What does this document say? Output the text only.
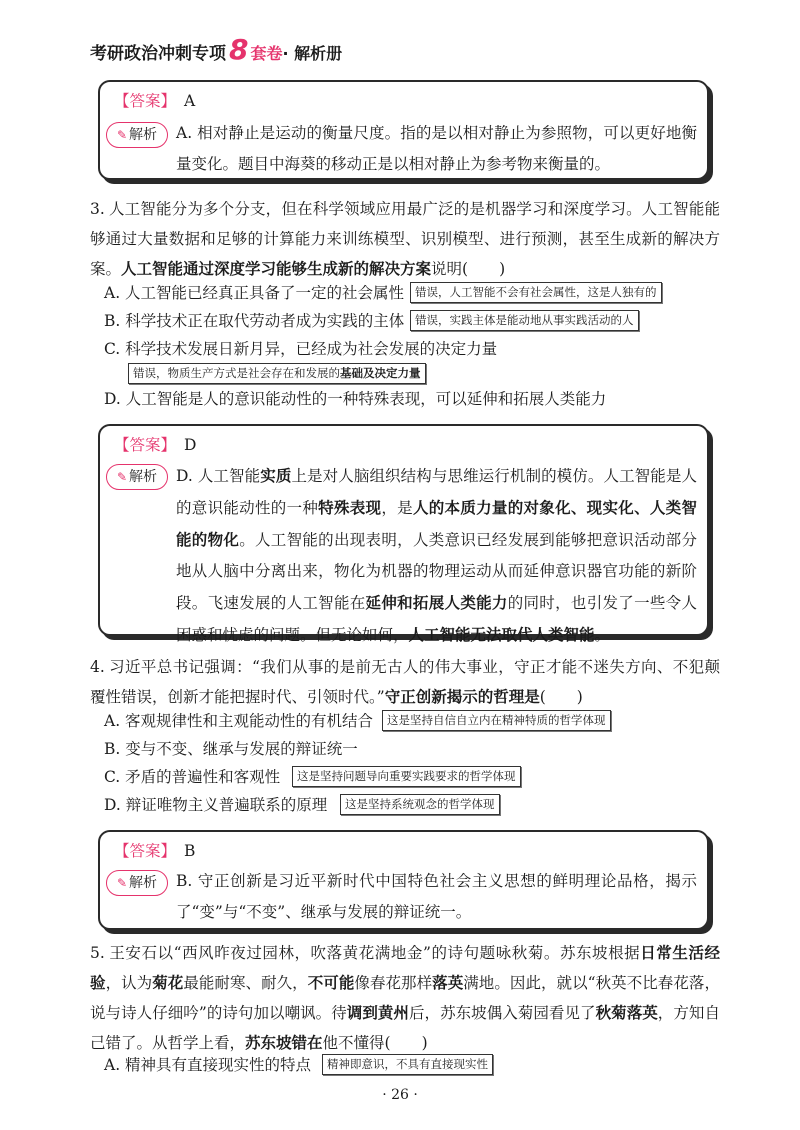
考研政治冲刺专项 8 套卷 · 解析册
【答案】 A
✎ 解析 A. 相对静止是运动的衡量尺度。指的是以相对静止为参照物，可以更好地衡量变化。题目中海葵的移动正是以相对静止为参考物来衡量的。

3. 人工智能分为多个分支，但在科学领域应用最广泛的是机器学习和深度学习。人工智能能够通过大量数据和足够的计算能力来训练模型、识别模型、进行预测，甚至生成新的解决方案。人工智能通过深度学习能够生成新的解决方案说明(　　)

A. 人工智能已经真正具备了一定的社会属性 错误，人工智能不会有社会属性，这是人独有的
B. 科学技术正在取代劳动者成为实践的主体 错误，实践主体是能动地从事实践活动的人
C. 科学技术发展日新月异，已经成为社会发展的决定力量
错误，物质生产方式是社会存在和发展的基础及决定力量
D. 人工智能是人的意识能动性的一种特殊表现，可以延伸和拓展人类能力
【答案】 D
✎ 解析 D. 人工智能实质上是对人脑组织结构与思维运行机制的模仿。人工智能是人的意识能动性的一种特殊表现，是人的本质力量的对象化、现实化、人类智能的物化。人工智能的出现表明，人类意识已经发展到能够把意识活动部分地从人脑中分离出来，物化为机器的物理运动从而延伸意识器官功能的新阶段。飞速发展的人工智能在延伸和拓展人类能力的同时，也引发了一些令人困惑和忧虑的问题。但无论如何，人工智能无法取代人类智能。

4. 习近平总书记强调：“我们从事的是前无古人的伟大事业，守正才能不迷失方向、不犯颠覆性错误，创新才能把握时代、引领时代。”守正创新揭示的哲理是(　　)

A. 客观规律性和主观能动性的有机结合	这是坚持自信自立内在精神特质的哲学体现
B. 变与不变、继承与发展的辩证统一
C. 矛盾的普遍性和客观性	这是坚持问题导向重要实践要求的哲学体现
D. 辩证唯物主义普遍联系的原理	这是坚持系统观念的哲学体现
【答案】 B
✎ 解析 B. 守正创新是习近平新时代中国特色社会主义思想的鲜明理论品格，揭示了“变”与“不变”、继承与发展的辩证统一。

5. 王安石以“西风昨夜过园林，吹落黄花满地金”的诗句题咏秋菊。苏东坡根据日常生活经验，认为菊花最能耐寒、耐久，不可能像春花那样落英满地。因此，就以“秋英不比春花落，说与诗人仔细吟”的诗句加以嘲讽。待调到黄州后，苏东坡偶入菊园看见了秋菊落英，方知自己错了。从哲学上看，苏东坡错在他不懂得(　　)

A. 精神具有直接现实性的特点	精神即意识，不具有直接现实性
· 26 ·
